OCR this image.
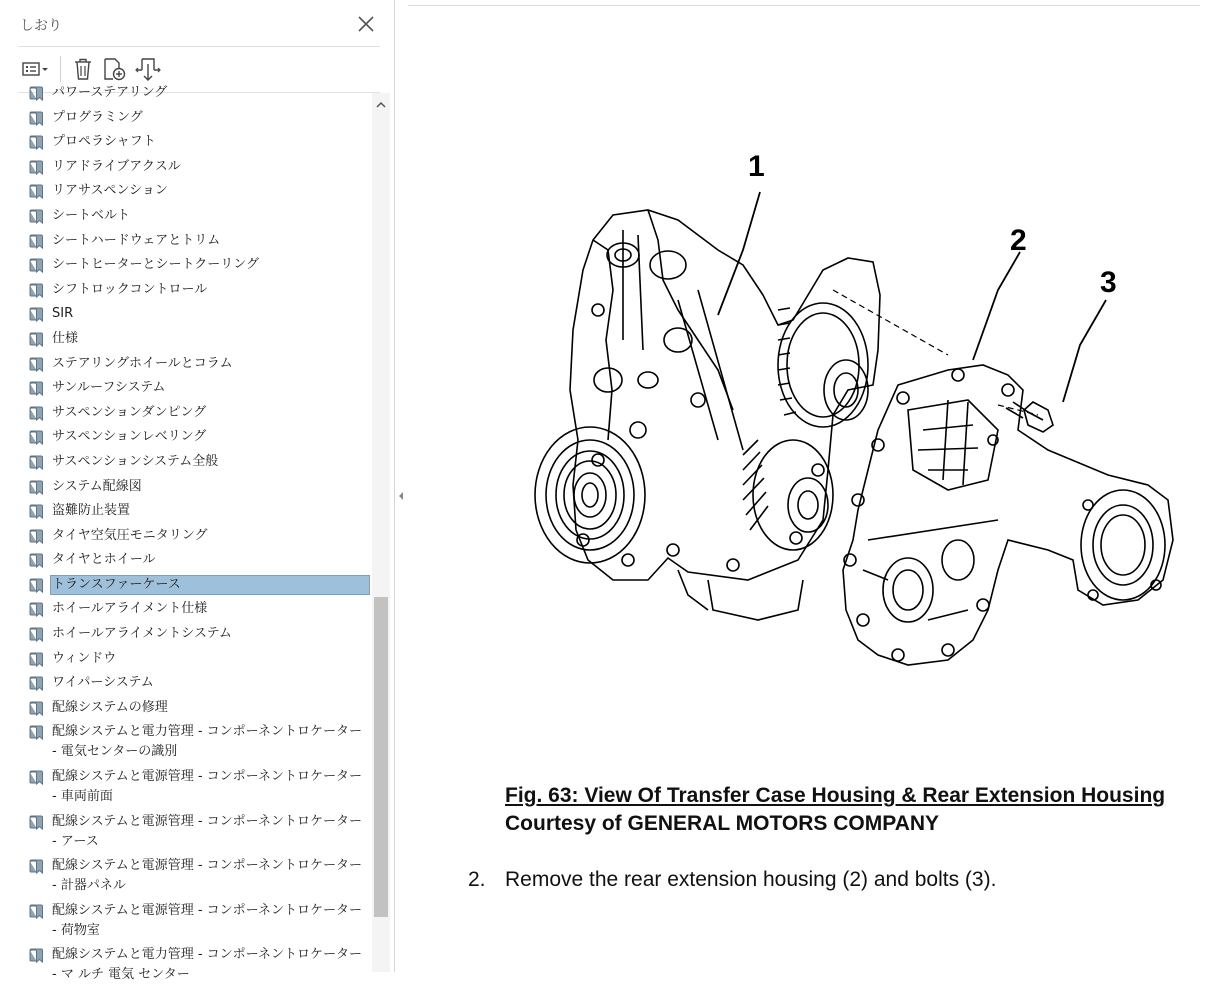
しおり
パワーステアリング
プログラミング
プロペラシャフト
リアドライブアクスル
リアサスペンション
シートベルト
シートハードウェアとトリム
シートヒーターとシートクーリング
シフトロックコントロール
SIR
仕様
ステアリングホイールとコラム
サンルーフシステム
サスペンションダンピング
サスペンションレベリング
サスペンションシステム全般
システム配線図
盗難防止装置
タイヤ空気圧モニタリング
タイヤとホイール
トランスファーケース
ホイールアライメント仕様
ホイールアライメントシステム
ウィンドウ
ワイパーシステム
配線システムの修理
配線システムと電力管理 - コンポーネントロケーター - 電気センターの識別
配線システムと電源管理 - コンポーネントロケーター - 車両前面
配線システムと電源管理 - コンポーネントロケーター - アース
配線システムと電源管理 - コンポーネントロケーター - 計器パネル
配線システムと電源管理 - コンポーネントロケーター - 荷物室
配線システムと電力管理 - コンポーネントロケーター - マ ルチ 電気 センター
1
2
3
Fig. 63: View Of Transfer Case Housing & Rear Extension Housing
Courtesy of GENERAL MOTORS COMPANY
2. Remove the rear extension housing (2) and bolts (3).
